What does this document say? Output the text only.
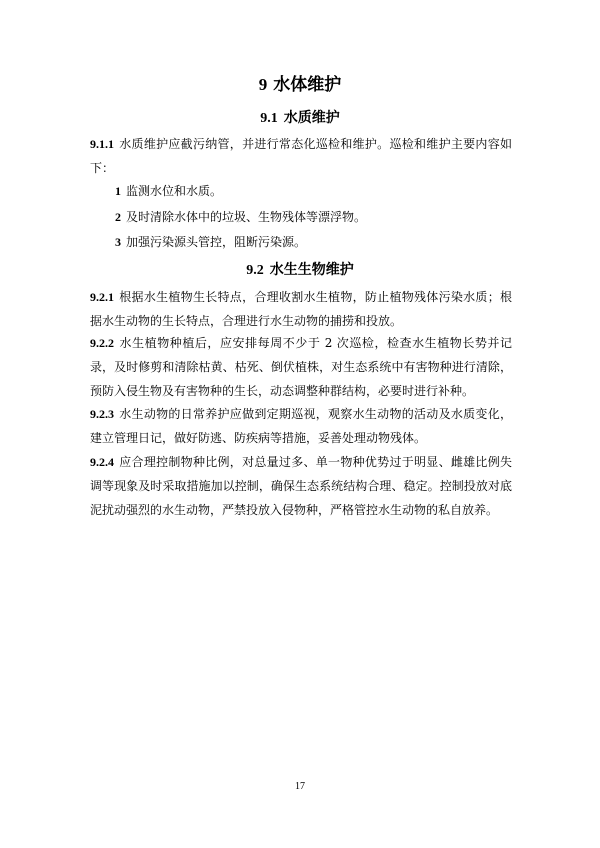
9 水体维护
9.1 水质维护
9.1.1 水质维护应截污纳管，并进行常态化巡检和维护。巡检和维护主要内容如下：
1 监测水位和水质。
2 及时清除水体中的垃圾、生物残体等漂浮物。
3 加强污染源头管控，阻断污染源。
9.2 水生生物维护
9.2.1 根据水生植物生长特点，合理收割水生植物，防止植物残体污染水质；根据水生动物的生长特点，合理进行水生动物的捕捞和投放。
9.2.2 水生植物种植后，应安排每周不少于 2 次巡检，检查水生植物长势并记录，及时修剪和清除枯黄、枯死、倒伏植株，对生态系统中有害物种进行清除，预防入侵生物及有害物种的生长，动态调整种群结构，必要时进行补种。
9.2.3 水生动物的日常养护应做到定期巡视，观察水生动物的活动及水质变化，建立管理日记，做好防逃、防疾病等措施，妥善处理动物残体。
9.2.4 应合理控制物种比例，对总量过多、单一物种优势过于明显、雌雄比例失调等现象及时采取措施加以控制，确保生态系统结构合理、稳定。控制投放对底泥扰动强烈的水生动物，严禁投放入侵物种，严格管控水生动物的私自放养。
17
